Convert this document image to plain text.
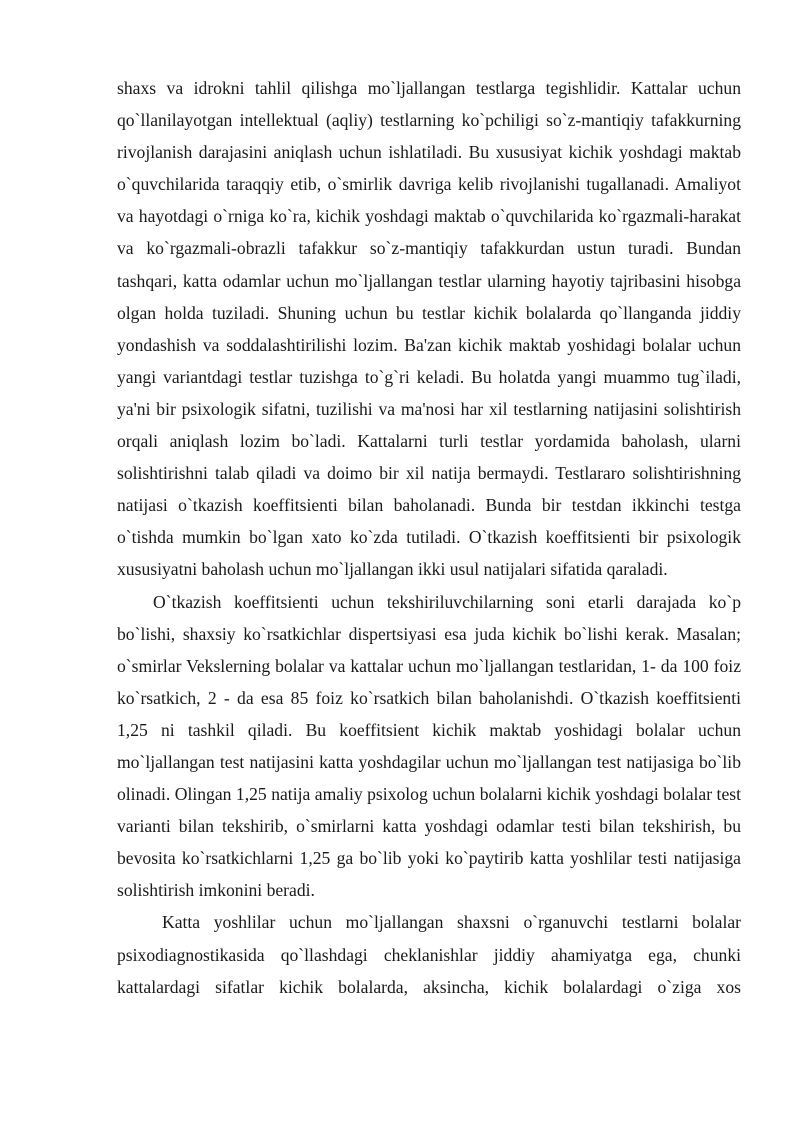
shaxs va idrokni tahlil qilishga mo`ljallangan testlarga tegishlidir. Kattalar uchun qo`llanilayotgan intellektual (aqliy) testlarning ko`pchiligi so`z-mantiqiy tafakkurning rivojlanish darajasini aniqlash uchun ishlatiladi. Bu xususiyat kichik yoshdagi maktab o`quvchilarida taraqqiy etib, o`smirlik davriga kelib rivojlanishi tugallanadi. Amaliyot va hayotdagi o`rniga ko`ra, kichik yoshdagi maktab o`quvchilarida ko`rgazmali-harakat va ko`rgazmali-obrazli tafakkur so`z-mantiqiy tafakkurdan ustun turadi. Bundan tashqari, katta odamlar uchun mo`ljallangan testlar ularning hayotiy tajribasini hisobga olgan holda tuziladi. Shuning uchun bu testlar kichik bolalarda qo`llanganda jiddiy yondashish va soddalashtirilishi lozim. Ba'zan kichik maktab yoshidagi bolalar uchun yangi variantdagi testlar tuzishga to`g`ri keladi. Bu holatda yangi muammo tug`iladi, ya'ni bir psixologik sifatni, tuzilishi va ma'nosi har xil testlarning natijasini solishtirish orqali aniqlash lozim bo`ladi. Kattalarni turli testlar yordamida baholash, ularni solishtirishni talab qiladi va doimo bir xil natija bermaydi. Testlararo solishtirishning natijasi o`tkazish koeffitsienti bilan baholanadi. Bunda bir testdan ikkinchi testga o`tishda mumkin bo`lgan xato ko`zda tutiladi. O`tkazish koeffitsienti bir psixologik xususiyatni baholash uchun mo`ljallangan ikki usul natijalari sifatida qaraladi.

O`tkazish koeffitsienti uchun tekshiriluvchilarning soni etarli darajada ko`p bo`lishi, shaxsiy ko`rsatkichlar dispertsiyasi esa juda kichik bo`lishi kerak. Masalan; o`smirlar Vekslerning bolalar va kattalar uchun mo`ljallangan testlaridan, 1- da 100 foiz ko`rsatkich, 2 - da esa 85 foiz ko`rsatkich bilan baholanishdi. O`tkazish koeffitsienti 1,25 ni tashkil qiladi. Bu koeffitsient kichik maktab yoshidagi bolalar uchun mo`ljallangan test natijasini katta yoshdagilar uchun mo`ljallangan test natijasiga bo`lib olinadi. Olingan 1,25 natija amaliy psixolog uchun bolalarni kichik yoshdagi bolalar test varianti bilan tekshirib, o`smirlarni katta yoshdagi odamlar testi bilan tekshirish, bu bevosita ko`rsatkichlarni 1,25 ga bo`lib yoki ko`paytirib katta yoshlilar testi natijasiga solishtirish imkonini beradi.

Katta yoshlilar uchun mo`ljallangan shaxsni o`rganuvchi testlarni bolalar psixodiagnostikasida qo`llashdagi cheklanishlar jiddiy ahamiyatga ega, chunki kattalardagi sifatlar kichik bolalarda, aksincha, kichik bolalardagi o`ziga xos
